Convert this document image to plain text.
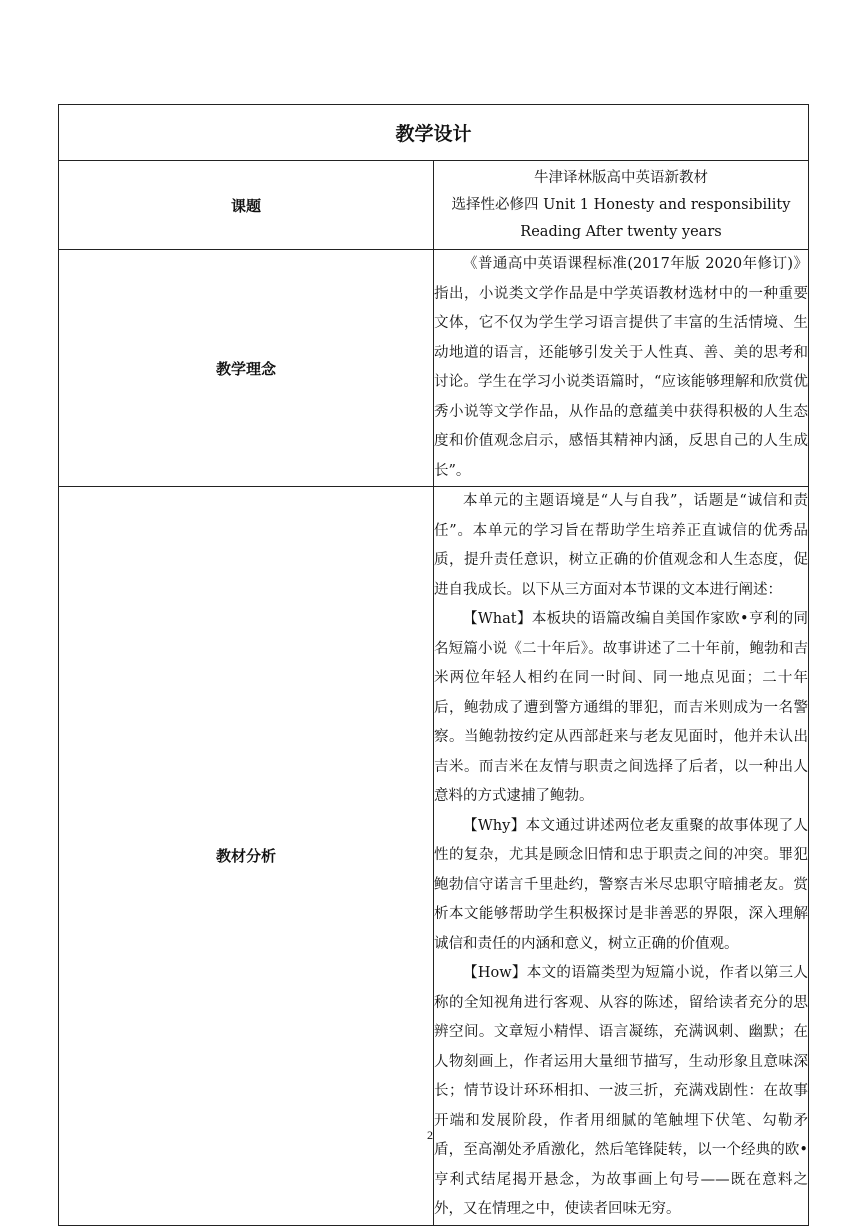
教学设计	
课题	牛津译林版高中英语新教材
选择性必修四 Unit 1 Honesty and responsibility
Reading After twenty years

教学理念	《普通高中英语课程标准(2017年版 2020年修订)》指出，小说类文学作品是中学英语教材选材中的一种重要文体，它不仅为学生学习语言提供了丰富的生活情境、生动地道的语言，还能够引发关于人性真、善、美的思考和讨论。学生在学习小说类语篇时，“应该能够理解和欣赏优秀小说等文学作品，从作品的意蕴美中获得积极的人生态度和价值观念启示，感悟其精神内涵，反思自己的人生成长”。

教材分析	本单元的主题语境是“人与自我”，话题是“诚信和责任”。本单元的学习旨在帮助学生培养正直诚信的优秀品质，提升责任意识，树立正确的价值观念和人生态度，促进自我成长。以下从三方面对本节课的文本进行阐述：

【What】本板块的语篇改编自美国作家欧•亨利的同名短篇小说《二十年后》。故事讲述了二十年前，鲍勃和吉米两位年轻人相约在同一时间、同一地点见面；二十年后，鲍勃成了遭到警方通缉的罪犯，而吉米则成为一名警察。当鲍勃按约定从西部赶来与老友见面时，他并未认出吉米。而吉米在友情与职责之间选择了后者，以一种出人意料的方式逮捕了鲍勃。

【Why】本文通过讲述两位老友重聚的故事体现了人性的复杂，尤其是顾念旧情和忠于职责之间的冲突。罪犯鲍勃信守诺言千里赴约，警察吉米尽忠职守暗捕老友。赏析本文能够帮助学生积极探讨是非善恶的界限，深入理解诚信和责任的内涵和意义，树立正确的价值观。

【How】本文的语篇类型为短篇小说，作者以第三人称的全知视角进行客观、从容的陈述，留给读者充分的思辨空间。文章短小精悍、语言凝练，充满讽刺、幽默；在人物刻画上，作者运用大量细节描写，生动形象且意味深长；情节设计环环相扣、一波三折，充满戏剧性：在故事开端和发展阶段，作者用细腻的笔触埋下伏笔、勾勒矛盾，至高潮处矛盾激化，然后笔锋陡转，以一个经典的欧•亨利式结尾揭开悬念，为故事画上句号——既在意料之外，又在情理之中，使读者回味无穷。

2
